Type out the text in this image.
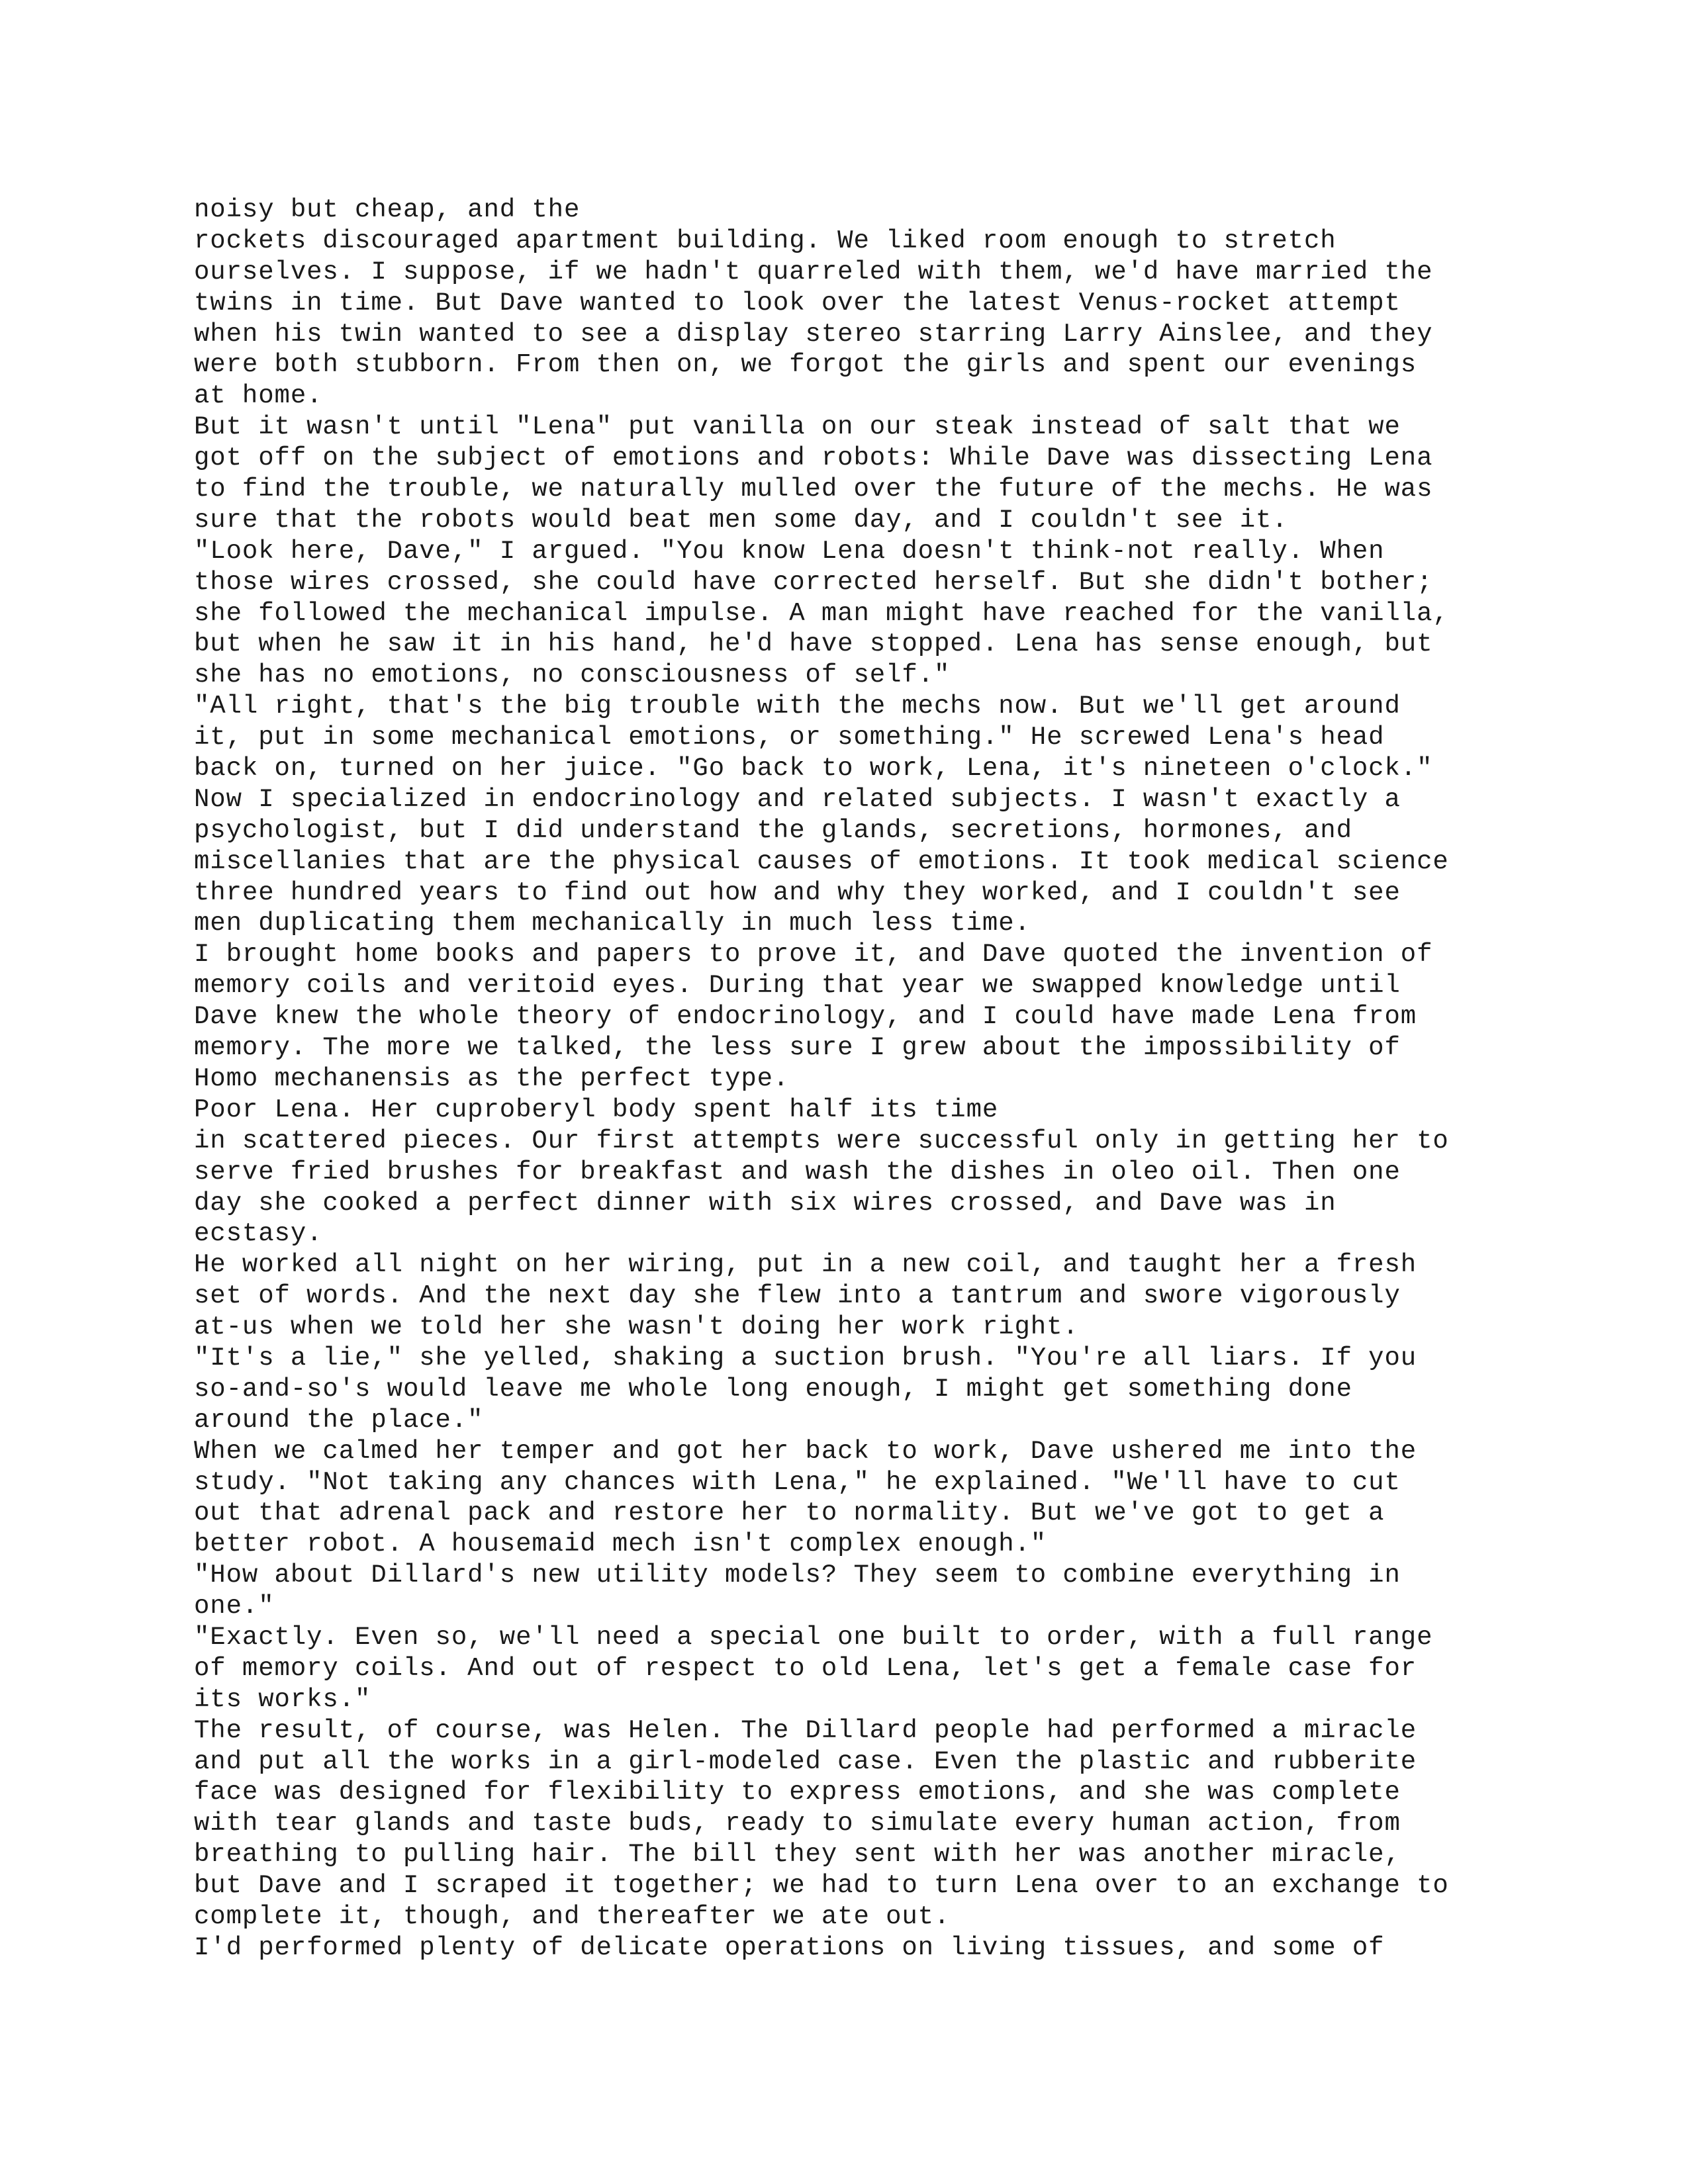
noisy but cheap, and the
rockets discouraged apartment building. We liked room enough to stretch
ourselves. I suppose, if we hadn't quarreled with them, we'd have married the
twins in time. But Dave wanted to look over the latest Venus-rocket attempt
when his twin wanted to see a display stereo starring Larry Ainslee, and they
were both stubborn. From then on, we forgot the girls and spent our evenings
at home.
But it wasn't until "Lena" put vanilla on our steak instead of salt that we
got off on the subject of emotions and robots: While Dave was dissecting Lena
to find the trouble, we naturally mulled over the future of the mechs. He was
sure that the robots would beat men some day, and I couldn't see it.
"Look here, Dave," I argued. "You know Lena doesn't think-not really. When
those wires crossed, she could have corrected herself. But she didn't bother;
she followed the mechanical impulse. A man might have reached for the vanilla,
but when he saw it in his hand, he'd have stopped. Lena has sense enough, but
she has no emotions, no consciousness of self."
"All right, that's the big trouble with the mechs now. But we'll get around
it, put in some mechanical emotions, or something." He screwed Lena's head
back on, turned on her juice. "Go back to work, Lena, it's nineteen o'clock."
Now I specialized in endocrinology and related subjects. I wasn't exactly a
psychologist, but I did understand the glands, secretions, hormones, and
miscellanies that are the physical causes of emotions. It took medical science
three hundred years to find out how and why they worked, and I couldn't see
men duplicating them mechanically in much less time.
I brought home books and papers to prove it, and Dave quoted the invention of
memory coils and veritoid eyes. During that year we swapped knowledge until
Dave knew the whole theory of endocrinology, and I could have made Lena from
memory. The more we talked, the less sure I grew about the impossibility of
Homo mechanensis as the perfect type.
Poor Lena. Her cuproberyl body spent half its time
in scattered pieces. Our first attempts were successful only in getting her to
serve fried brushes for breakfast and wash the dishes in oleo oil. Then one
day she cooked a perfect dinner with six wires crossed, and Dave was in
ecstasy.
He worked all night on her wiring, put in a new coil, and taught her a fresh
set of words. And the next day she flew into a tantrum and swore vigorously
at-us when we told her she wasn't doing her work right.
"It's a lie," she yelled, shaking a suction brush. "You're all liars. If you
so-and-so's would leave me whole long enough, I might get something done
around the place."
When we calmed her temper and got her back to work, Dave ushered me into the
study. "Not taking any chances with Lena," he explained. "We'll have to cut
out that adrenal pack and restore her to normality. But we've got to get a
better robot. A housemaid mech isn't complex enough."
"How about Dillard's new utility models? They seem to combine everything in
one."
"Exactly. Even so, we'll need a special one built to order, with a full range
of memory coils. And out of respect to old Lena, let's get a female case for
its works."
The result, of course, was Helen. The Dillard people had performed a miracle
and put all the works in a girl-modeled case. Even the plastic and rubberite
face was designed for flexibility to express emotions, and she was complete
with tear glands and taste buds, ready to simulate every human action, from
breathing to pulling hair. The bill they sent with her was another miracle,
but Dave and I scraped it together; we had to turn Lena over to an exchange to
complete it, though, and thereafter we ate out.
I'd performed plenty of delicate operations on living tissues, and some of
